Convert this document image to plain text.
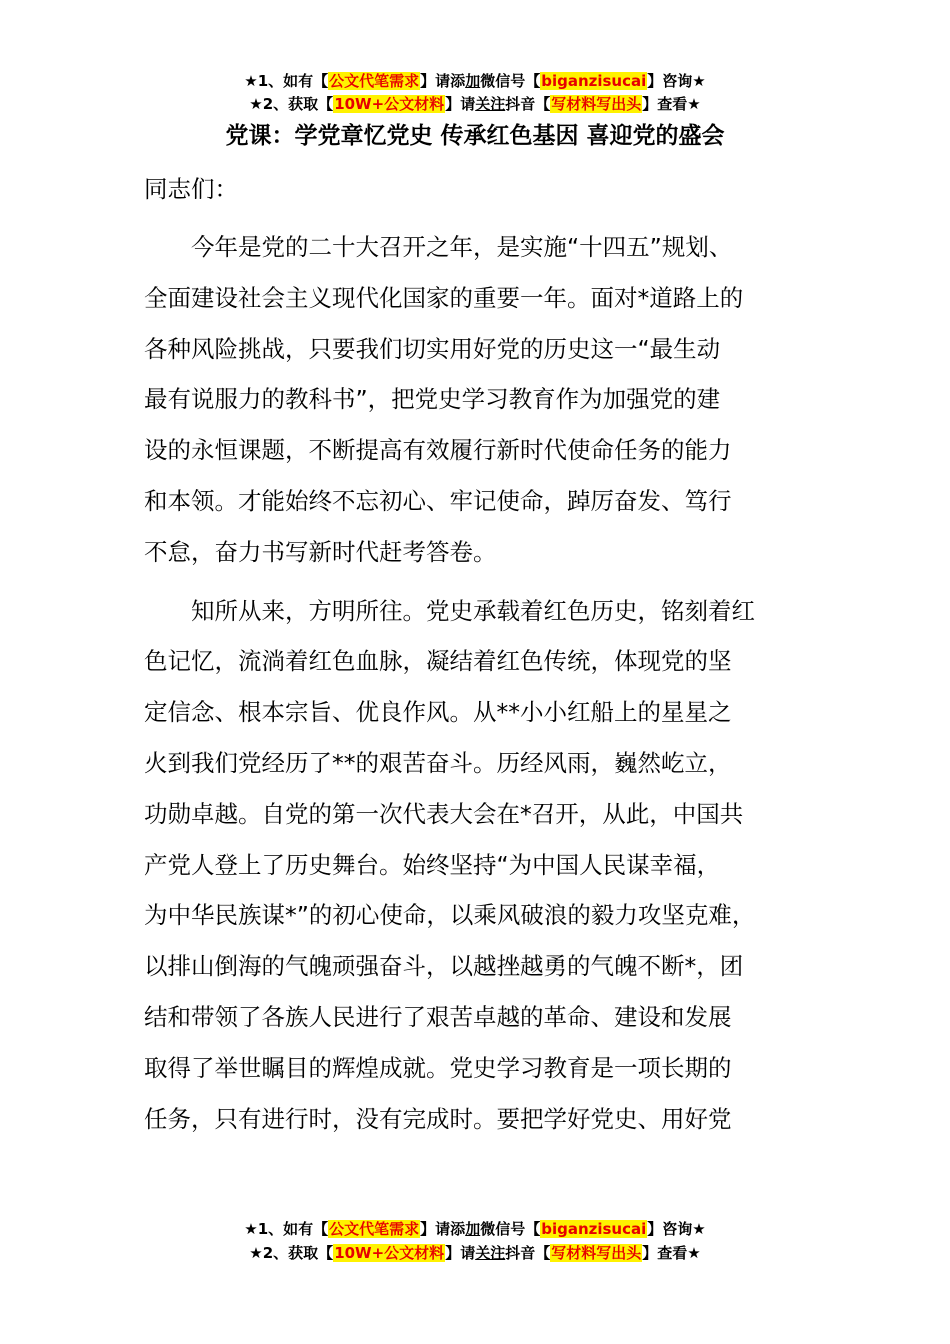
★1、如有【公文代笔需求】请添加微信号【biganzisucai】咨询★
★2、获取【10W+公文材料】请关注抖音【写材料写出头】查看★
党课：学党章忆党史 传承红色基因 喜迎党的盛会
同志们：
今年是党的二十大召开之年，是实施“十四五”规划、
全面建设社会主义现代化国家的重要一年。面对*道路上的
各种风险挑战，只要我们切实用好党的历史这一“最生动
最有说服力的教科书”，把党史学习教育作为加强党的建
设的永恒课题，不断提高有效履行新时代使命任务的能力
和本领。才能始终不忘初心、牢记使命，踔厉奋发、笃行
不怠，奋力书写新时代赶考答卷。
知所从来，方明所往。党史承载着红色历史，铭刻着红
色记忆，流淌着红色血脉，凝结着红色传统，体现党的坚
定信念、根本宗旨、优良作风。从**小小红船上的星星之
火到我们党经历了**的艰苦奋斗。历经风雨，巍然屹立，
功勋卓越。自党的第一次代表大会在*召开，从此，中国共
产党人登上了历史舞台。始终坚持“为中国人民谋幸福，
为中华民族谋*”的初心使命，以乘风破浪的毅力攻坚克难，
以排山倒海的气魄顽强奋斗，以越挫越勇的气魄不断*，团
结和带领了各族人民进行了艰苦卓越的革命、建设和发展
取得了举世瞩目的辉煌成就。党史学习教育是一项长期的
任务，只有进行时，没有完成时。要把学好党史、用好党
★1、如有【公文代笔需求】请添加微信号【biganzisucai】咨询★
★2、获取【10W+公文材料】请关注抖音【写材料写出头】查看★
